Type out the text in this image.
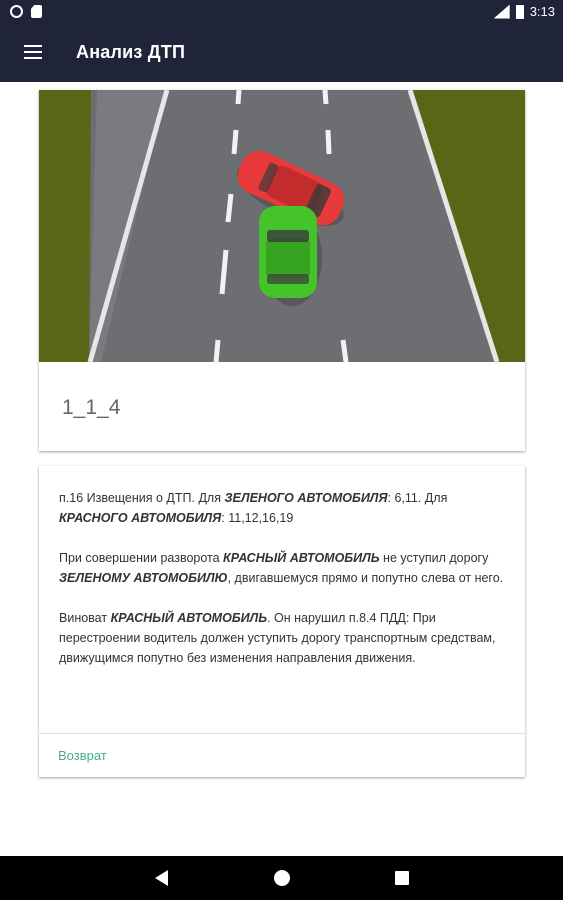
3:13
Анализ ДТП
1_1_4

п.16 Извещения о ДТП. Для ЗЕЛЕНОГО АВТОМОБИЛЯ: 6,11. Для КРАСНОГО АВТОМОБИЛЯ: 11,12,16,19

При совершении разворота КРАСНЫЙ АВТОМОБИЛЬ не уступил дорогу ЗЕЛЕНОМУ АВТОМОБИЛЮ, двигавшемуся прямо и попутно слева от него.

Виноват КРАСНЫЙ АВТОМОБИЛЬ. Он нарушил п.8.4 ПДД: При перестроении водитель должен уступить дорогу транспортным средствам, движущимся попутно без изменения направления движения.

Возврат
